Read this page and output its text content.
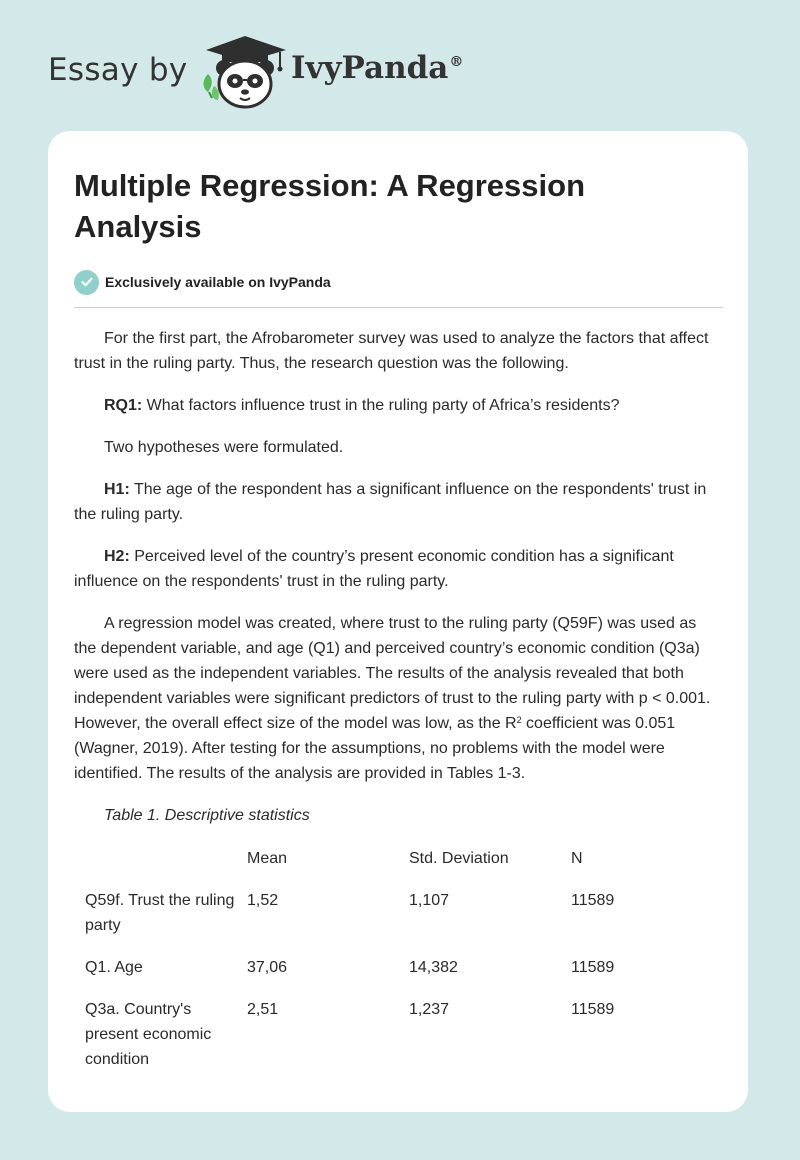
Essay by	IvyPanda®
Multiple Regression: A Regression Analysis
Exclusively available on IvyPanda

For the first part, the Afrobarometer survey was used to analyze the factors that affect trust in the ruling party. Thus, the research question was the following.

RQ1: What factors influence trust in the ruling party of Africa’s residents?

Two hypotheses were formulated.

H1: The age of the respondent has a significant influence on the respondents' trust in the ruling party.

H2: Perceived level of the country’s present economic condition has a significant influence on the respondents' trust in the ruling party.

A regression model was created, where trust to the ruling party (Q59F) was used as the dependent variable, and age (Q1) and perceived country’s economic condition (Q3a) were used as the independent variables. The results of the analysis revealed that both independent variables were significant predictors of trust to the ruling party with p < 0.001. However, the overall effect size of the model was low, as the $R^2$ coefficient was 0.051 (Wagner, 2019). After testing for the assumptions, no problems with the model were identified. The results of the analysis are provided in Tables 1-3.

Table 1. Descriptive statistics
	Mean	Std. Deviation	N
Q59f. Trust the ruling party	1,52	1,107	11589
Q1. Age	37,06	14,382	11589
Q3a. Country's present economic condition	2,51	1,237	11589
